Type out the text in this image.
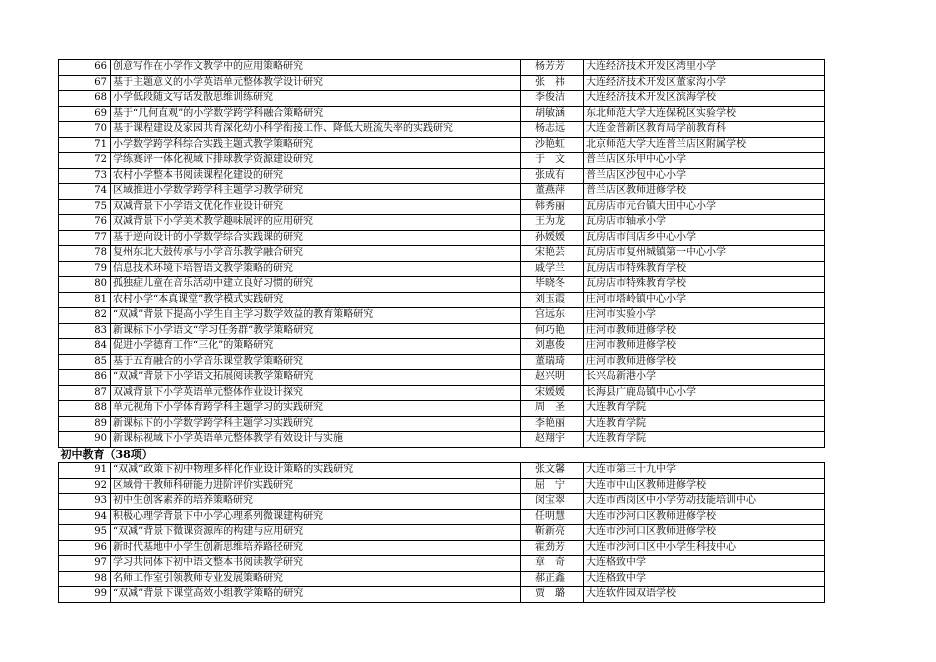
66	创意写作在小学作文教学中的应用策略研究	杨芳芳	大连经济技术开发区湾里小学
67	基于主题意义的小学英语单元整体教学设计研究	张　祎	大连经济技术开发区董家沟小学
68	小学低段随文写话发散思维训练研究	李俊洁	大连经济技术开发区滨海学校
69	基于“几何直观”的小学数学跨学科融合策略研究	胡敏涵	东北师范大学大连保税区实验学校
70	基于课程建设及家园共育深化幼小科学衔接工作、降低大班流失率的实践研究	杨志远	大连金普新区教育局学前教育科
71	小学数学跨学科综合实践主题式教学策略研究	沙艳虹	北京师范大学大连普兰店区附属学校
72	学练赛评一体化视域下排球教学资源建设研究	于　文	普兰店区乐甲中心小学
73	农村小学整本书阅读课程化建设的研究	张成有	普兰店区沙包中心小学
74	区域推进小学数学跨学科主题学习教学研究	董燕萍	普兰店区教师进修学校
75	双减背景下小学语文优化作业设计研究	韩秀丽	瓦房店市元台镇大田中心小学
76	双减背景下小学美术教学趣味展评的应用研究	王为龙	瓦房店市轴承小学
77	基于逆向设计的小学数学综合实践课的研究	孙媛媛	瓦房店市闫店乡中心小学
78	复州东北大鼓传承与小学音乐教学融合研究	宋艳芸	瓦房店市复州城镇第一中心小学
79	信息技术环境下培智语文教学策略的研究	戚学兰	瓦房店市特殊教育学校
80	孤独症儿童在音乐活动中建立良好习惯的研究	毕晓冬	瓦房店市特殊教育学校
81	农村小学“本真课堂”教学模式实践研究	刘玉霞	庄河市塔岭镇中心小学
82	“双减”背景下提高小学生自主学习数学效益的教育策略研究	宫远东	庄河市实验小学
83	新课标下小学语文“学习任务群”教学策略研究	何巧艳	庄河市教师进修学校
84	促进小学德育工作“三化”的策略研究	刘惠俊	庄河市教师进修学校
85	基于五育融合的小学音乐课堂教学策略研究	董瑞琦	庄河市教师进修学校
86	“双减”背景下小学语文拓展阅读教学策略研究	赵兴明	长兴岛新港小学
87	双减背景下小学英语单元整体作业设计探究	宋媛媛	长海县广鹿岛镇中心小学
88	单元视角下小学体育跨学科主题学习的实践研究	周　圣	大连教育学院
89	新课标下的小学数学跨学科主题学习实践研究	李艳丽	大连教育学院
90	新课标视域下小学英语单元整体教学有效设计与实施	赵翔宇	大连教育学院
初中教育（38项）			
91	“双减”政策下初中物理多样化作业设计策略的实践研究	张文馨	大连市第三十九中学
92	区域骨干教师科研能力进阶评价实践研究	屈　宁	大连市中山区教师进修学校
93	初中生创客素养的培养策略研究	闵宝翠	大连市西岗区中小学劳动技能培训中心
94	积极心理学背景下中小学心理系列微课建构研究	任明慧	大连市沙河口区教师进修学校
95	“双减”背景下微课资源库的构建与应用研究	靳新亮	大连市沙河口区教师进修学校
96	新时代基地中小学生创新思维培养路径研究	霍劲芳	大连市沙河口区中小学生科技中心
97	学习共同体下初中语文整本书阅读教学研究	章　奇	大连格致中学
98	名师工作室引领教师专业发展策略研究	郝正鑫	大连格致中学
99	“双减”背景下课堂高效小组教学策略的研究	贾　璐	大连软件园双语学校
